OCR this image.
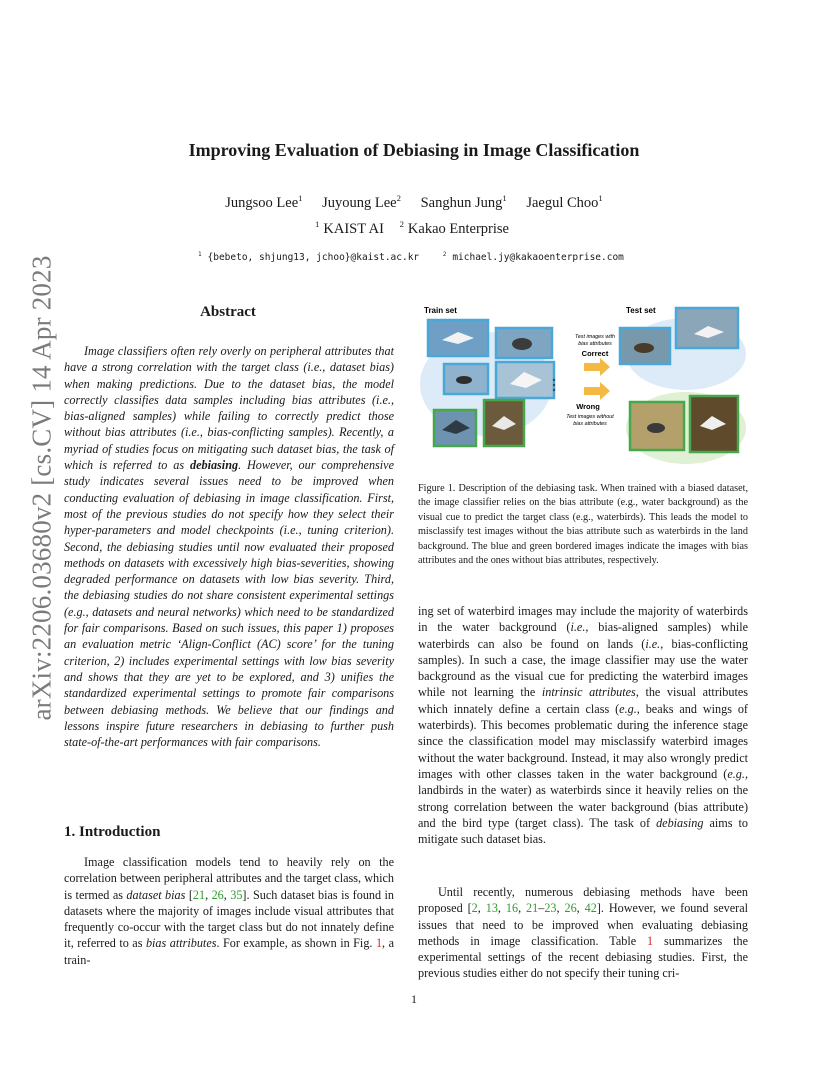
arXiv:2206.03680v2 [cs.CV] 14 Apr 2023
Improving Evaluation of Debiasing in Image Classification
Jungsoo Lee$^1$ Juyoung Lee$^2$ Sanghun Jung$^1$ Jaegul Choo$^1$
$^1$ KAIST AI $^2$ Kakao Enterprise
$^1$ {bebeto, shjung13, jchoo}@kaist.ac.kr	$^2$ michael.jy@kakaoenterprise.com
Abstract

Image classifiers often rely overly on peripheral attributes that have a strong correlation with the target class (i.e., dataset bias) when making predictions. Due to the dataset bias, the model correctly classifies data samples including bias attributes (i.e., bias-aligned samples) while failing to correctly predict those without bias attributes (i.e., bias-conflicting samples). Recently, a myriad of studies focus on mitigating such dataset bias, the task of which is referred to as debiasing. However, our comprehensive study indicates several issues need to be improved when conducting evaluation of debiasing in image classification. First, most of the previous studies do not specify how they select their hyper-parameters and model checkpoints (i.e., tuning criterion). Second, the debiasing studies until now evaluated their proposed methods on datasets with excessively high bias-severities, showing degraded performance on datasets with low bias severity. Third, the debiasing studies do not share consistent experimental settings (e.g., datasets and neural networks) which need to be standardized for fair comparisons. Based on such issues, this paper 1) proposes an evaluation metric ‘Align-Conflict (AC) score’ for the tuning criterion, 2) includes experimental settings with low bias severity and shows that they are yet to be explored, and 3) unifies the standardized experimental settings to promote fair comparisons between debiasing methods. We believe that our findings and lessons inspire future researchers in debiasing to further push state-of-the-art performances with fair comparisons.

1. Introduction

Image classification models tend to heavily rely on the correlation between peripheral attributes and the target class, which is termed as dataset bias [21, 26, 35]. Such dataset bias is found in datasets where the majority of images include visual attributes that frequently co-occur with the target class but do not innately define it, referred to as bias attributes. For example, as shown in Fig. 1, a train-

Train set	Test set
Test images with
bias attributes
Correct
Wrong
Test images without
bias attributes

Figure 1. Description of the debiasing task. When trained with a biased dataset, the image classifier relies on the bias attribute (e.g., water background) as the visual cue to predict the target class (e.g., waterbirds). This leads the model to misclassify test images without the bias attribute such as waterbirds in the land background. The blue and green bordered images indicate the images with bias attributes and the ones without bias attributes, respectively.

ing set of waterbird images may include the majority of waterbirds in the water background (i.e., bias-aligned samples) while waterbirds can also be found on lands (i.e., bias-conflicting samples). In such a case, the image classifier may use the water background as the visual cue for predicting the waterbird images while not learning the intrinsic attributes, the visual attributes which innately define a certain class (e.g., beaks and wings of waterbirds). This becomes problematic during the inference stage since the classification model may misclassify waterbird images without the water background. Instead, it may also wrongly predict images with other classes taken in the water background (e.g., landbirds in the water) as waterbirds since it heavily relies on the strong correlation between the water background (bias attribute) and the bird type (target class). The task of debiasing aims to mitigate such dataset bias.

Until recently, numerous debiasing methods have been proposed [2, 13, 16, 21–23, 26, 42]. However, we found several issues that need to be improved when evaluating debiasing methods in image classification. Table 1 summarizes the experimental settings of the recent debiasing studies. First, the previous studies either do not specify their tuning cri-

1
